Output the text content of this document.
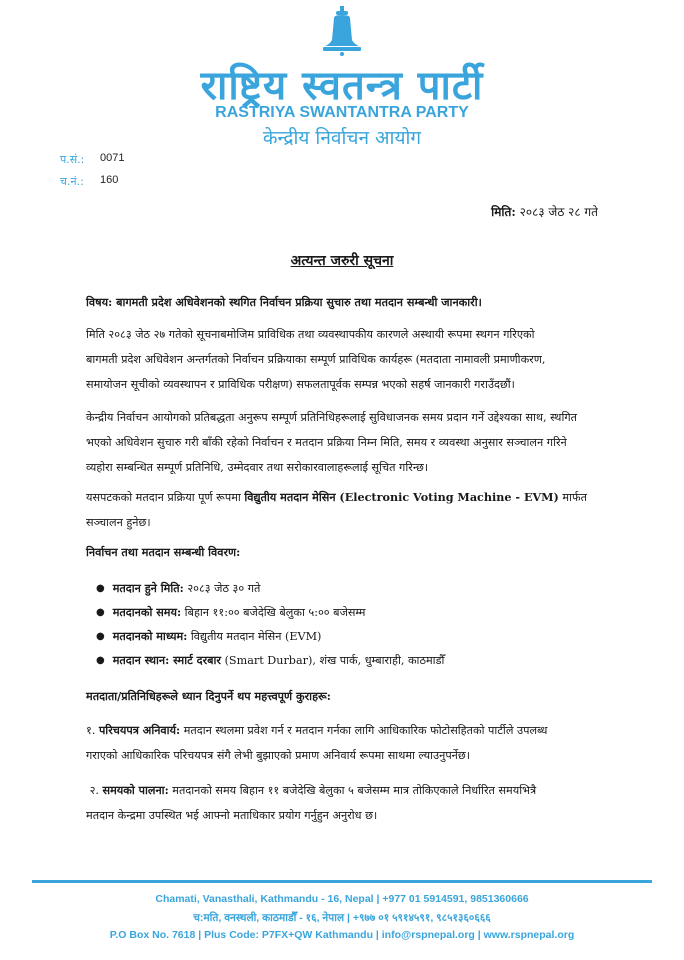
राष्ट्रिय स्वतन्त्र पार्टी
RASTRIYA SWANTANTRA PARTY
केन्द्रीय निर्वाचन आयोग
प.सं.: 0071
च.नं.: 160
मिति: २०८३ जेठ २८ गते
अत्यन्त जरुरी सूचना
विषय: बागमती प्रदेश अधिवेशनको स्थगित निर्वाचन प्रक्रिया सुचारु तथा मतदान सम्बन्धी जानकारी।
मिति २०८३ जेठ २७ गतेको सूचनाबमोजिम प्राविधिक तथा व्यवस्थापकीय कारणले अस्थायी रूपमा स्थगन गरिएको
बागमती प्रदेश अधिवेशन अन्तर्गतको निर्वाचन प्रक्रियाका सम्पूर्ण प्राविधिक कार्यहरू (मतदाता नामावली प्रमाणीकरण,
समायोजन सूचीको व्यवस्थापन र प्राविधिक परीक्षण) सफलतापूर्वक सम्पन्न भएको सहर्ष जानकारी गराउँदछौं।
केन्द्रीय निर्वाचन आयोगको प्रतिबद्धता अनुरूप सम्पूर्ण प्रतिनिधिहरूलाई सुविधाजनक समय प्रदान गर्ने उद्देश्यका साथ, स्थगित
भएको अधिवेशन सुचारु गरी बाँकी रहेको निर्वाचन र मतदान प्रक्रिया निम्न मिति, समय र व्यवस्था अनुसार सञ्चालन गरिने
व्यहोरा सम्बन्धित सम्पूर्ण प्रतिनिधि, उम्मेदवार तथा सरोकारवालाहरूलाई सूचित गरिन्छ।
यसपटकको मतदान प्रक्रिया पूर्ण रूपमा विद्युतीय मतदान मेसिन (Electronic Voting Machine - EVM) मार्फत
सञ्चालन हुनेछ।
निर्वाचन तथा मतदान सम्बन्धी विवरण:
● मतदान हुने मिति: २०८३ जेठ ३० गते
● मतदानको समय: बिहान ११:०० बजेदेखि बेलुका ५:०० बजेसम्म
● मतदानको माध्यम: विद्युतीय मतदान मेसिन (EVM)
● मतदान स्थान: स्मार्ट दरबार (Smart Durbar), शंख पार्क, धुम्बाराही, काठमाडौँ
मतदाता/प्रतिनिधिहरूले ध्यान दिनुपर्ने थप महत्त्वपूर्ण कुराहरू:
१. परिचयपत्र अनिवार्य: मतदान स्थलमा प्रवेश गर्न र मतदान गर्नका लागि आधिकारिक फोटोसहितको पार्टीले उपलब्ध
गराएको आधिकारिक परिचयपत्र संगै लेभी बुझाएको प्रमाण अनिवार्य रूपमा साथमा ल्याउनुपर्नेछ।
२. समयको पालना: मतदानको समय बिहान ११ बजेदेखि बेलुका ५ बजेसम्म मात्र तोकिएकाले निर्धारित समयभित्रै
मतदान केन्द्रमा उपस्थित भई आफ्नो मताधिकार प्रयोग गर्नुहुन अनुरोध छ।
Chamati, Vanasthali, Kathmandu - 16, Nepal | +977 01 5914591, 9851360666
च:मति, वनस्थली, काठमाडौँ - १६, नेपाल | +९७७ ०१ ५९१४५९१, ९८५१३६०६६६
P.O Box No. 7618 | Plus Code: P7FX+QW Kathmandu | info@rspnepal.org | www.rspnepal.org
